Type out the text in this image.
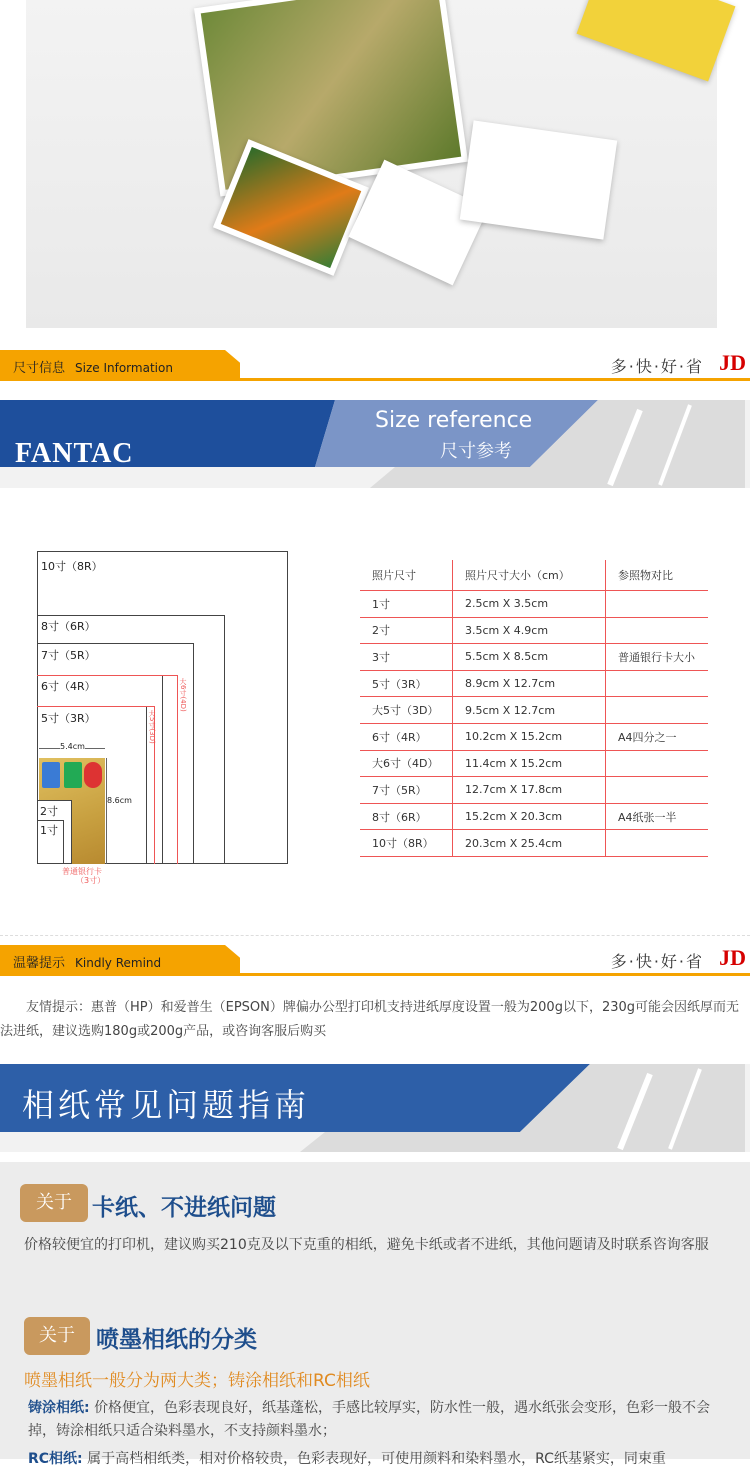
尺寸信息 Size Information	多·快·好·省 JD
FANTAC
Size reference
尺寸参考
10寸（8R）
8寸（6R）
7寸（5R）
6寸（4R）
5寸（3R）
2寸
1寸
5.4cm
8.6cm
大6寸(4D)
大5寸(3D)
普通银行卡
（3寸）
照片尺寸	照片尺寸大小（cm）	参照物对比
1寸	2.5cm X 3.5cm	
2寸	3.5cm X 4.9cm	
3寸	5.5cm X 8.5cm	普通银行卡大小
5寸（3R）	8.9cm X 12.7cm	
大5寸（3D）	9.5cm X 12.7cm	
6寸（4R）	10.2cm X 15.2cm	A4四分之一
大6寸（4D）	11.4cm X 15.2cm	
7寸（5R）	12.7cm X 17.8cm	
8寸（6R）	15.2cm X 20.3cm	A4纸张一半
10寸（8R）	20.3cm X 25.4cm	
温馨提示 Kindly Remind	多·快·好·省 JD
友情提示：惠普（HP）和爱普生（EPSON）牌偏办公型打印机支持进纸厚度设置一般为200g以下，230g可能会因纸厚而无法进纸，建议选购180g或200g产品，或咨询客服后购买
相纸常见问题指南
关于 卡纸、不进纸问题
价格较便宜的打印机，建议购买210克及以下克重的相纸，避免卡纸或者不进纸，其他问题请及时联系咨询客服
关于 喷墨相纸的分类
喷墨相纸一般分为两大类；铸涂相纸和RC相纸
铸涂相纸: 价格便宜，色彩表现良好，纸基蓬松，手感比较厚实，防水性一般，遇水纸张会变形，色彩一般不会掉，铸涂相纸只适合染料墨水，不支持颜料墨水；
RC相纸: 属于高档相纸类，相对价格较贵，色彩表现好，可使用颜料和染料墨水，RC纸基紧实，同束重
